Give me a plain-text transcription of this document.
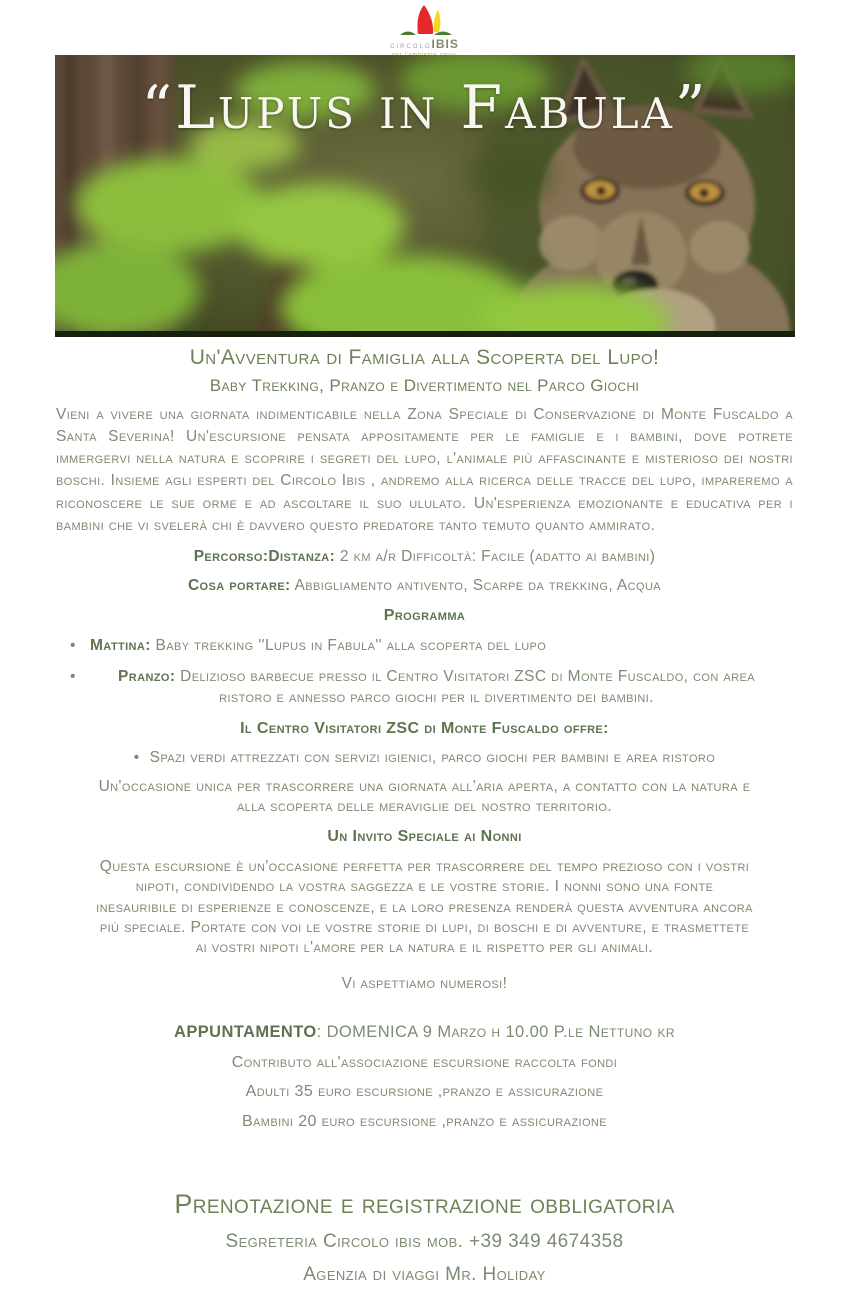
circoloIBIS
“Lupus in Fabula”
Un'Avventura di Famiglia alla Scoperta del Lupo!
Baby Trekking, Pranzo e Divertimento nel Parco Giochi

Vieni a vivere una giornata indimenticabile nella Zona Speciale di Conservazione di Monte Fuscaldo a Santa Severina! Un'escursione pensata appositamente per le famiglie e i bambini, dove potrete immergervi nella natura e scoprire i segreti del lupo, l'animale più affascinante e misterioso dei nostri boschi. Insieme agli esperti del Circolo Ibis , andremo alla ricerca delle tracce del lupo, impareremo a riconoscere le sue orme e ad ascoltare il suo ululato. Un'esperienza emozionante e educativa per i bambini che vi svelerà chi è davvero questo predatore tanto temuto quanto ammirato.

Percorso:Distanza: 2 km a/r Difficoltà: Facile (adatto ai bambini)

Cosa portare: Abbigliamento antivento, Scarpe da trekking, Acqua

Programma

• Mattina: Baby trekking ''Lupus in Fabula'' alla scoperta del lupo
•	Pranzo: Delizioso barbecue presso il Centro Visitatori ZSC di Monte Fuscaldo, con area ristoro e annesso parco giochi per il divertimento dei bambini.

Il Centro Visitatori ZSC di Monte Fuscaldo offre:

• Spazi verdi attrezzati con servizi igienici, parco giochi per bambini e area ristoro

Un'occasione unica per trascorrere una giornata all'aria aperta, a contatto con la natura e alla scoperta delle meraviglie del nostro territorio.

Un Invito Speciale ai Nonni

Questa escursione è un'occasione perfetta per trascorrere del tempo prezioso con i vostri nipoti, condividendo la vostra saggezza e le vostre storie. I nonni sono una fonte inesauribile di esperienze e conoscenze, e la loro presenza renderà questa avventura ancora più speciale. Portate con voi le vostre storie di lupi, di boschi e di avventure, e trasmettete ai vostri nipoti l'amore per la natura e il rispetto per gli animali.

Vi aspettiamo numerosi!

APPUNTAMENTO: DOMENICA 9 Marzo h 10.00 P.le Nettuno kr

Contributo all'associazione escursione raccolta fondi

Adulti 35 euro escursione ,pranzo e assicurazione

Bambini 20 euro escursione ,pranzo e assicurazione

Prenotazione e registrazione obbligatoria

Segreteria Circolo ibis mob. +39 349 4674358

Agenzia di viaggi Mr. Holiday
